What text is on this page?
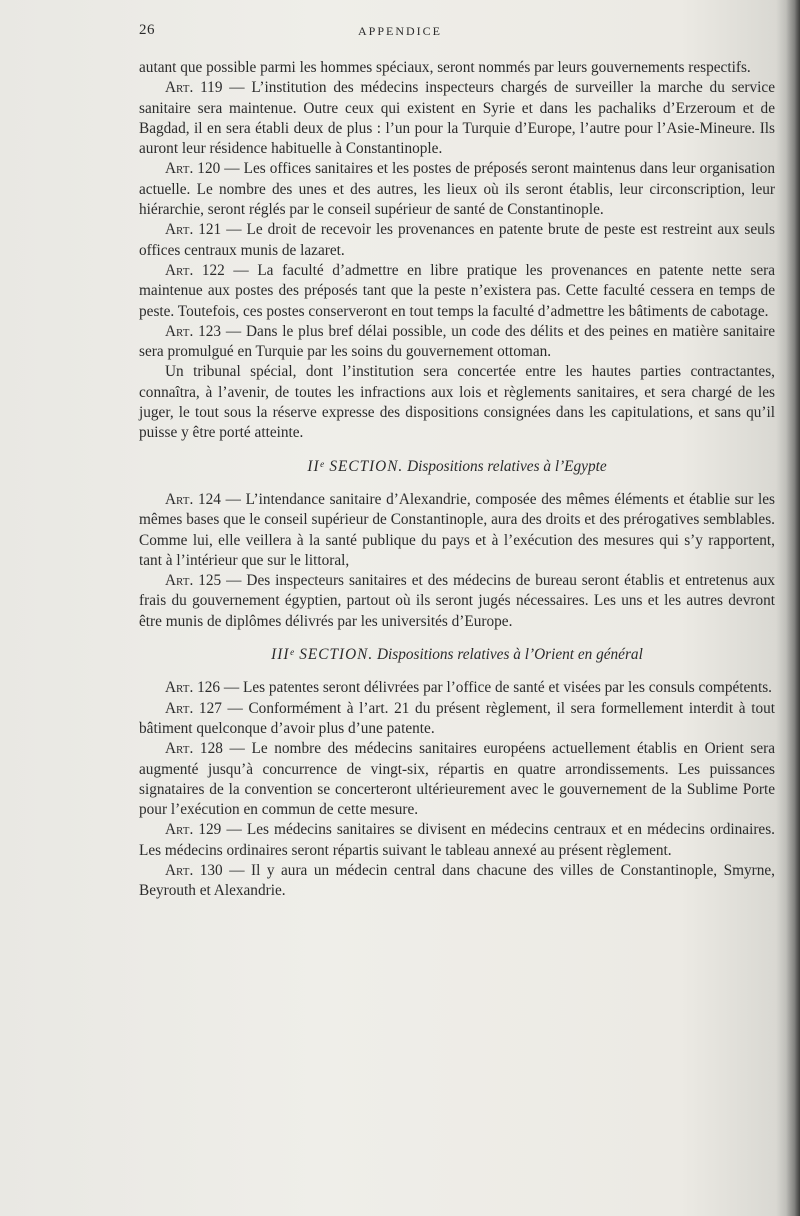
26	APPENDICE

autant que possible parmi les hommes spéciaux, seront nommés par leurs gouvernements respectifs.

Art. 119 — L’institution des médecins inspecteurs chargés de surveiller la marche du service sanitaire sera maintenue. Outre ceux qui existent en Syrie et dans les pachaliks d’Erzeroum et de Bagdad, il en sera établi deux de plus : l’un pour la Turquie d’Europe, l’autre pour l’Asie-Mineure. Ils auront leur résidence habituelle à Constantinople.

Art. 120 — Les offices sanitaires et les postes de préposés seront maintenus dans leur organisation actuelle. Le nombre des unes et des autres, les lieux où ils seront établis, leur circonscription, leur hiérarchie, seront réglés par le conseil supérieur de santé de Constantinople.

Art. 121 — Le droit de recevoir les provenances en patente brute de peste est restreint aux seuls offices centraux munis de lazaret.

Art. 122 — La faculté d’admettre en libre pratique les provenances en patente nette sera maintenue aux postes des préposés tant que la peste n’existera pas. Cette faculté cessera en temps de peste. Toutefois, ces postes conserveront en tout temps la faculté d’admettre les bâtiments de cabotage.

Art. 123 — Dans le plus bref délai possible, un code des délits et des peines en matière sanitaire sera promulgué en Turquie par les soins du gouvernement ottoman.

Un tribunal spécial, dont l’institution sera concertée entre les hautes parties contractantes, connaîtra, à l’avenir, de toutes les infractions aux lois et règlements sanitaires, et sera chargé de les juger, le tout sous la réserve expresse des dispositions consignées dans les capitulations, et sans qu’il puisse y être porté atteinte.

IIᵉ SECTION. Dispositions relatives à l’Egypte

Art. 124 — L’intendance sanitaire d’Alexandrie, composée des mêmes éléments et établie sur les mêmes bases que le conseil supérieur de Constantinople, aura des droits et des prérogatives semblables. Comme lui, elle veillera à la santé publique du pays et à l’exécution des mesures qui s’y rapportent, tant à l’intérieur que sur le littoral,

Art. 125 — Des inspecteurs sanitaires et des médecins de bureau seront établis et entretenus aux frais du gouvernement égyptien, partout où ils seront jugés nécessaires. Les uns et les autres devront être munis de diplômes délivrés par les universités d’Europe.

IIIᵉ SECTION. Dispositions relatives à l’Orient en général

Art. 126 — Les patentes seront délivrées par l’office de santé et visées par les consuls compétents.

Art. 127 — Conformément à l’art. 21 du présent règlement, il sera formellement interdit à tout bâtiment quelconque d’avoir plus d’une patente.

Art. 128 — Le nombre des médecins sanitaires européens actuellement établis en Orient sera augmenté jusqu’à concurrence de vingt-six, répartis en quatre arrondissements. Les puissances signataires de la convention se concerteront ultérieurement avec le gouvernement de la Sublime Porte pour l’exécution en commun de cette mesure.

Art. 129 — Les médecins sanitaires se divisent en médecins centraux et en médecins ordinaires. Les médecins ordinaires seront répartis suivant le tableau annexé au présent règlement.

Art. 130 — Il y aura un médecin central dans chacune des villes de Constantinople, Smyrne, Beyrouth et Alexandrie.
